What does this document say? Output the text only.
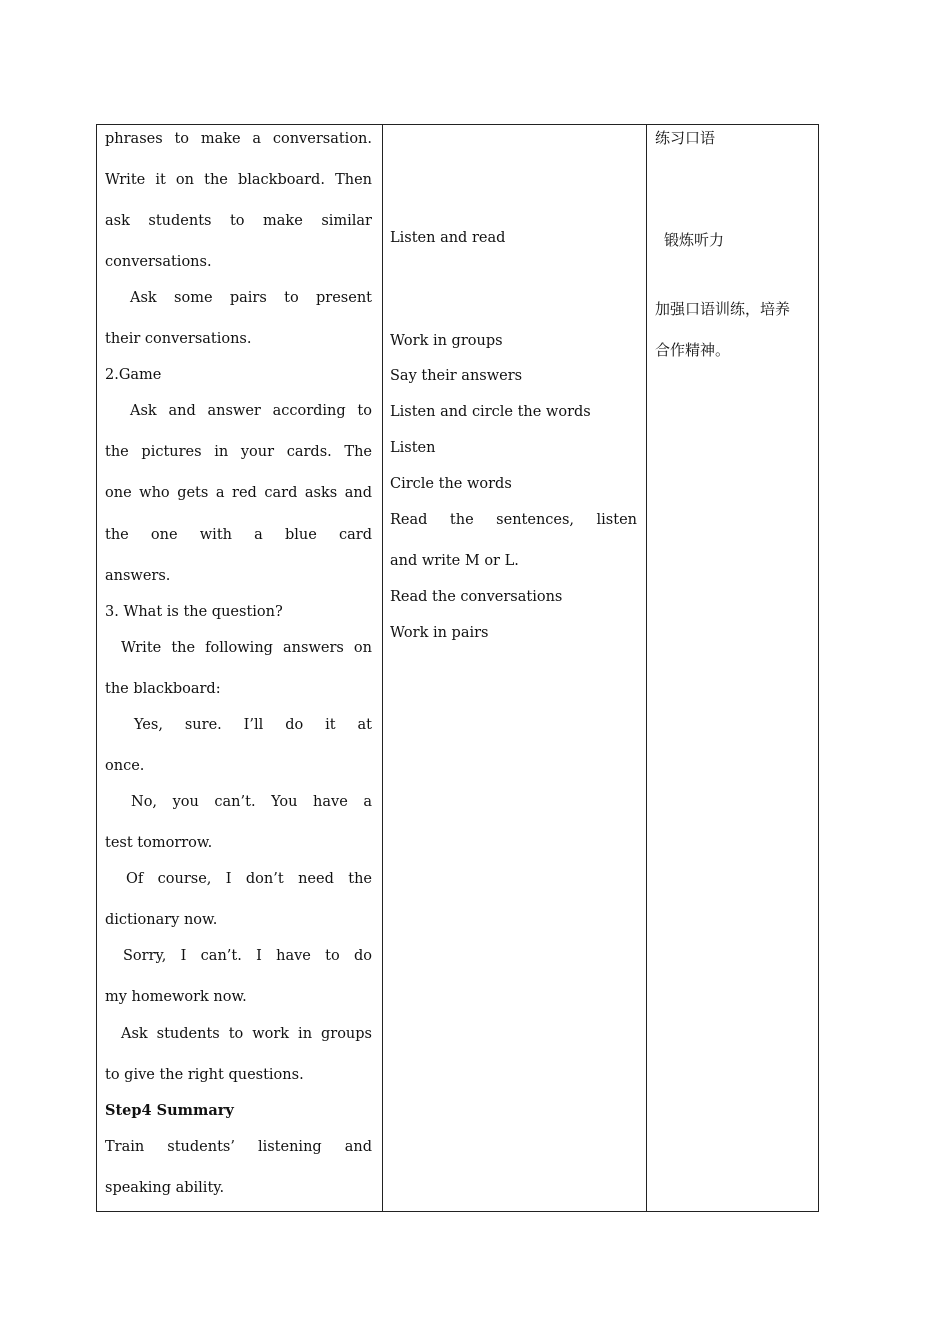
phrases to make a conversation.
Write it on the blackboard. Then
ask students to make similar
conversations.
Ask some pairs to present
their conversations.
2.Game
Ask and answer according to
the pictures in your cards. The
one who gets a red card asks and
the one with a blue card
answers.
3. What is the question?
Write the following answers on
the blackboard:
Yes, sure. I’ll do it at
once.
No, you can’t. You have a
test tomorrow.
Of course, I don’t need the
dictionary now.
Sorry, I can’t. I have to do
my homework now.
Ask students to work in groups
to give the right questions.
Step4 Summary
Train students’ listening and
speaking ability.
Listen and read
Work in groups
Say their answers
Listen and circle the words
Listen
Circle the words
Read the sentences, listen
and write M or L.
Read the conversations
Work in pairs
练习口语
锻炼听力
加强口语训练，培养
合作精神。
